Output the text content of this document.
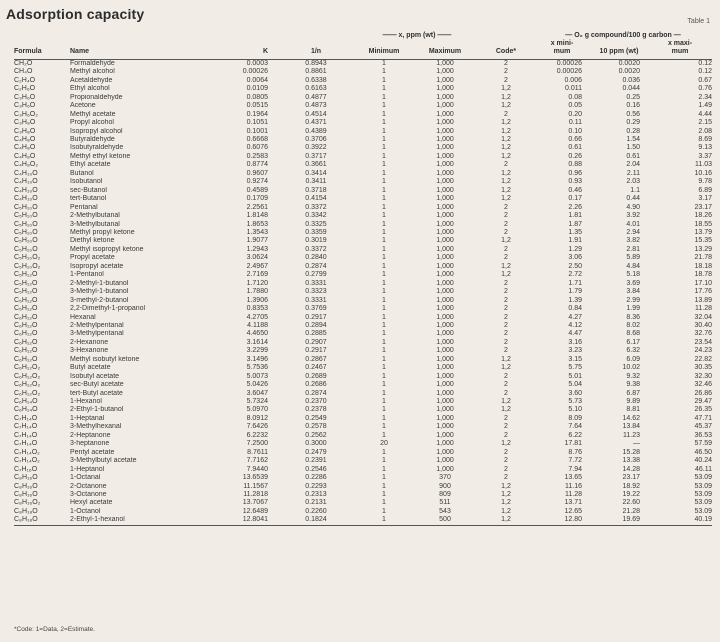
Adsorption capacity	Table 1
				—— x, ppm (wt) ——			— O₂ g compound/100 g carbon —		
							x mini-		x maxi-
Formula	Name	K	1/n	Minimum	Maximum	Code*	mum	10 ppm (wt)	mum
CH₂O	Formaldehyde	0.0003	0.8943	1	1,000	2	0.00026	0.0020	0.12
CH₄O	Methyl alcohol	0.00026	0.8861	1	1,000	2	0.00026	0.0020	0.12
C₂H₄O	Acetaldehyde	0.0064	0.6338	1	1,000	2	0.006	0.036	0.67
C₂H₆O	Ethyl alcohol	0.0109	0.6163	1	1,000	1,2	0.011	0.044	0.76
C₃H₆O	Propionaldehyde	0.0805	0.4877	1	1,000	1,2	0.08	0.25	2.34
C₃H₆O	Acetone	0.0515	0.4873	1	1,000	1,2	0.05	0.16	1.49
C₃H₆O₂	Methyl acetate	0.1964	0.4514	1	1,000	2	0.20	0.56	4.44
C₃H₈O	Propyl alcohol	0.1051	0.4371	1	1,000	1,2	0.11	0.29	2.15
C₃H₈O	Isopropyl alcohol	0.1001	0.4389	1	1,000	1,2	0.10	0.28	2.08
C₄H₈O	Butyraldehyde	0.6668	0.3706	1	1,000	1,2	0.66	1.54	8.69
C₄H₈O	Isobutyraldehyde	0.6076	0.3922	1	1,000	1,2	0.61	1.50	9.13
C₄H₈O	Methyl ethyl ketone	0.2583	0.3717	1	1,000	1,2	0.26	0.61	3.37
C₄H₈O₂	Ethyl acetate	0.8774	0.3661	1	1,000	2	0.88	2.04	11.03
C₄H₁₀O	Butanol	0.9607	0.3414	1	1,000	1,2	0.96	2.11	10.16
C₄H₁₀O	Isobutanol	0.9274	0.3411	1	1,000	1,2	0.93	2.03	9.78
C₄H₁₀O	sec-Butanol	0.4589	0.3718	1	1,000	1,2	0.46	1.1	6.89
C₄H₁₀O	tert-Butanol	0.1709	0.4154	1	1,000	1,2	0.17	0.44	3.17
C₅H₁₀O	Pentanal	2.2561	0.3372	1	1,000	2	2.26	4.90	23.17
C₅H₁₀O	2-Methylbutanal	1.8148	0.3342	1	1,000	2	1.81	3.92	18.26
C₅H₁₀O	3-Methylbutanal	1.8653	0.3325	1	1,000	2	1.87	4.01	18.55
C₅H₁₀O	Methyl propyl ketone	1.3543	0.3359	1	1,000	2	1.35	2.94	13.79
C₅H₁₀O	Diethyl ketone	1.9077	0.3019	1	1,000	1,2	1.91	3.82	15.35
C₅H₁₀O	Methyl isopropyl ketone	1.2943	0.3372	1	1,000	2	1.29	2.81	13.29
C₅H₁₀O₂	Propyl acetate	3.0624	0.2840	1	1,000	2	3.06	5.89	21.78
C₅H₁₀O₂	Isopropyl acetate	2.4967	0.2874	1	1,000	1,2	2.50	4.84	18.18
C₅H₁₂O	1-Pentanol	2.7169	0.2799	1	1,000	1,2	2.72	5.18	18.78
C₅H₁₂O	2-Methyl-1-butanol	1.7120	0.3331	1	1,000	2	1.71	3.69	17.10
C₅H₁₂O	3-Methyl-1-butanol	1.7880	0.3323	1	1,000	2	1.79	3.84	17.76
C₅H₁₂O	3-methyl-2-butanol	1.3906	0.3331	1	1,000	2	1.39	2.99	13.89
C₅H₁₂O	2,2-Dimethyl-1-propanol	0.8353	0.3769	1	1,000	2	0.84	1.99	11.28
C₆H₁₂O	Hexanal	4.2705	0.2917	1	1,000	2	4.27	8.36	32.04
C₆H₁₂O	2-Methylpentanal	4.1188	0.2894	1	1,000	2	4.12	8.02	30.40
C₆H₁₂O	3-Methylpentanal	4.4650	0.2885	1	1,000	2	4.47	8.68	32.76
C₆H₁₂O	2-Hexanone	3.1614	0.2907	1	1,000	2	3.16	6.17	23.54
C₆H₁₂O	3-Hexanone	3.2299	0.2917	1	1,000	2	3.23	6.32	24.23
C₆H₁₂O	Methyl isobutyl ketone	3.1496	0.2867	1	1,000	1,2	3.15	6.09	22.82
C₆H₁₂O₂	Butyl acetate	5.7536	0.2467	1	1,000	1,2	5.75	10.02	30.35
C₆H₁₂O₂	Isobutyl acetate	5.0073	0.2689	1	1,000	2	5.01	9.32	32.30
C₆H₁₂O₂	sec-Butyl acetate	5.0426	0.2686	1	1,000	2	5.04	9.38	32.46
C₆H₁₂O₂	tert-Butyl acetate	3.6047	0.2874	1	1,000	2	3.60	6.87	26.86
C₆H₁₄O	1-Hexanol	5.7324	0.2370	1	1,000	1,2	5.73	9.89	29.47
C₆H₁₄O	2-Ethyl-1-butanol	5.0970	0.2378	1	1,000	1,2	5.10	8.81	26.35
C₇H₁₄O	1-Heptanal	8.0912	0.2549	1	1,000	2	8.09	14.62	47.71
C₇H₁₄O	3-Methylhexanal	7.6426	0.2578	1	1,000	2	7.64	13.84	45.37
C₇H₁₄O	2-Heptanone	6.2232	0.2562	1	1,000	2	6.22	11.23	36.53
C₇H₁₄O	3-heptanone	7.2500	0.3000	20	1,000	1,2	17.81	—	57.59
C₇H₁₄O₂	Pentyl acetate	8.7611	0.2479	1	1,000	2	8.76	15.28	46.50
C₇H₁₄O₂	3-Methylbutyl acetate	7.7162	0.2391	1	1,000	2	7.72	13.38	40.24
C₇H₁₆O	1-Heptanol	7.9440	0.2546	1	1,000	2	7.94	14.28	46.11
C₈H₁₆O	1-Octanal	13.6539	0.2286	1	370	2	13.65	23.17	53.09
C₈H₁₆O	2-Octanone	11.1567	0.2293	1	900	1,2	11.16	18.92	53.09
C₈H₁₆O	3-Octanone	11.2818	0.2313	1	809	1,2	11.28	19.22	53.09
C₈H₁₆O₂	Hexyl acetate	13.7067	0.2131	1	511	1,2	13.71	22.60	53.09
C₈H₁₈O	1-Octanol	12.6489	0.2260	1	543	1,2	12.65	21.28	53.09
C₈H₁₈O	2-Ethyl-1-hexanol	12.8041	0.1824	1	500	1,2	12.80	19.69	40.19
*Code: 1=Data, 2=Estimate.
